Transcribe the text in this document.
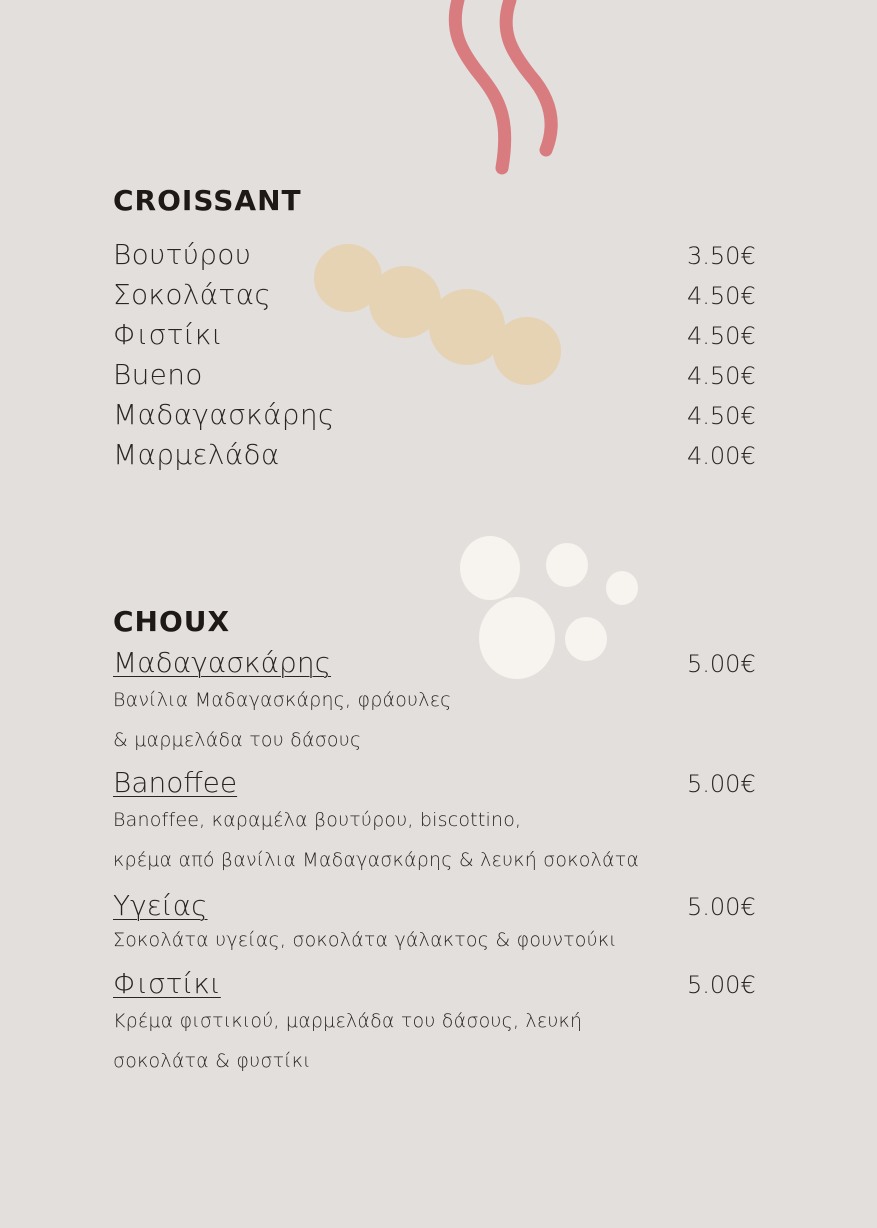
CROISSANT
Βουτύρου	3.50€
Σοκολάτας	4.50€
Φιστίκι	4.50€
Bueno	4.50€
Μαδαγασκάρης	4.50€
Μαρμελάδα	4.00€
CHOUX
Μαδαγασκάρης	5.00€
Βανίλια Μαδαγασκάρης, φράουλες
& μαρμελάδα του δάσους
Banoffee	5.00€
Banoffee, καραμέλα βουτύρου, biscottino,
κρέμα από βανίλια Μαδαγασκάρης & λευκή σοκολάτα
Υγείας	5.00€
Σοκολάτα υγείας, σοκολάτα γάλακτος & φουντούκι
Φιστίκι	5.00€
Κρέμα φιστικιού, μαρμελάδα του δάσους, λευκή
σοκολάτα & φυστίκι
